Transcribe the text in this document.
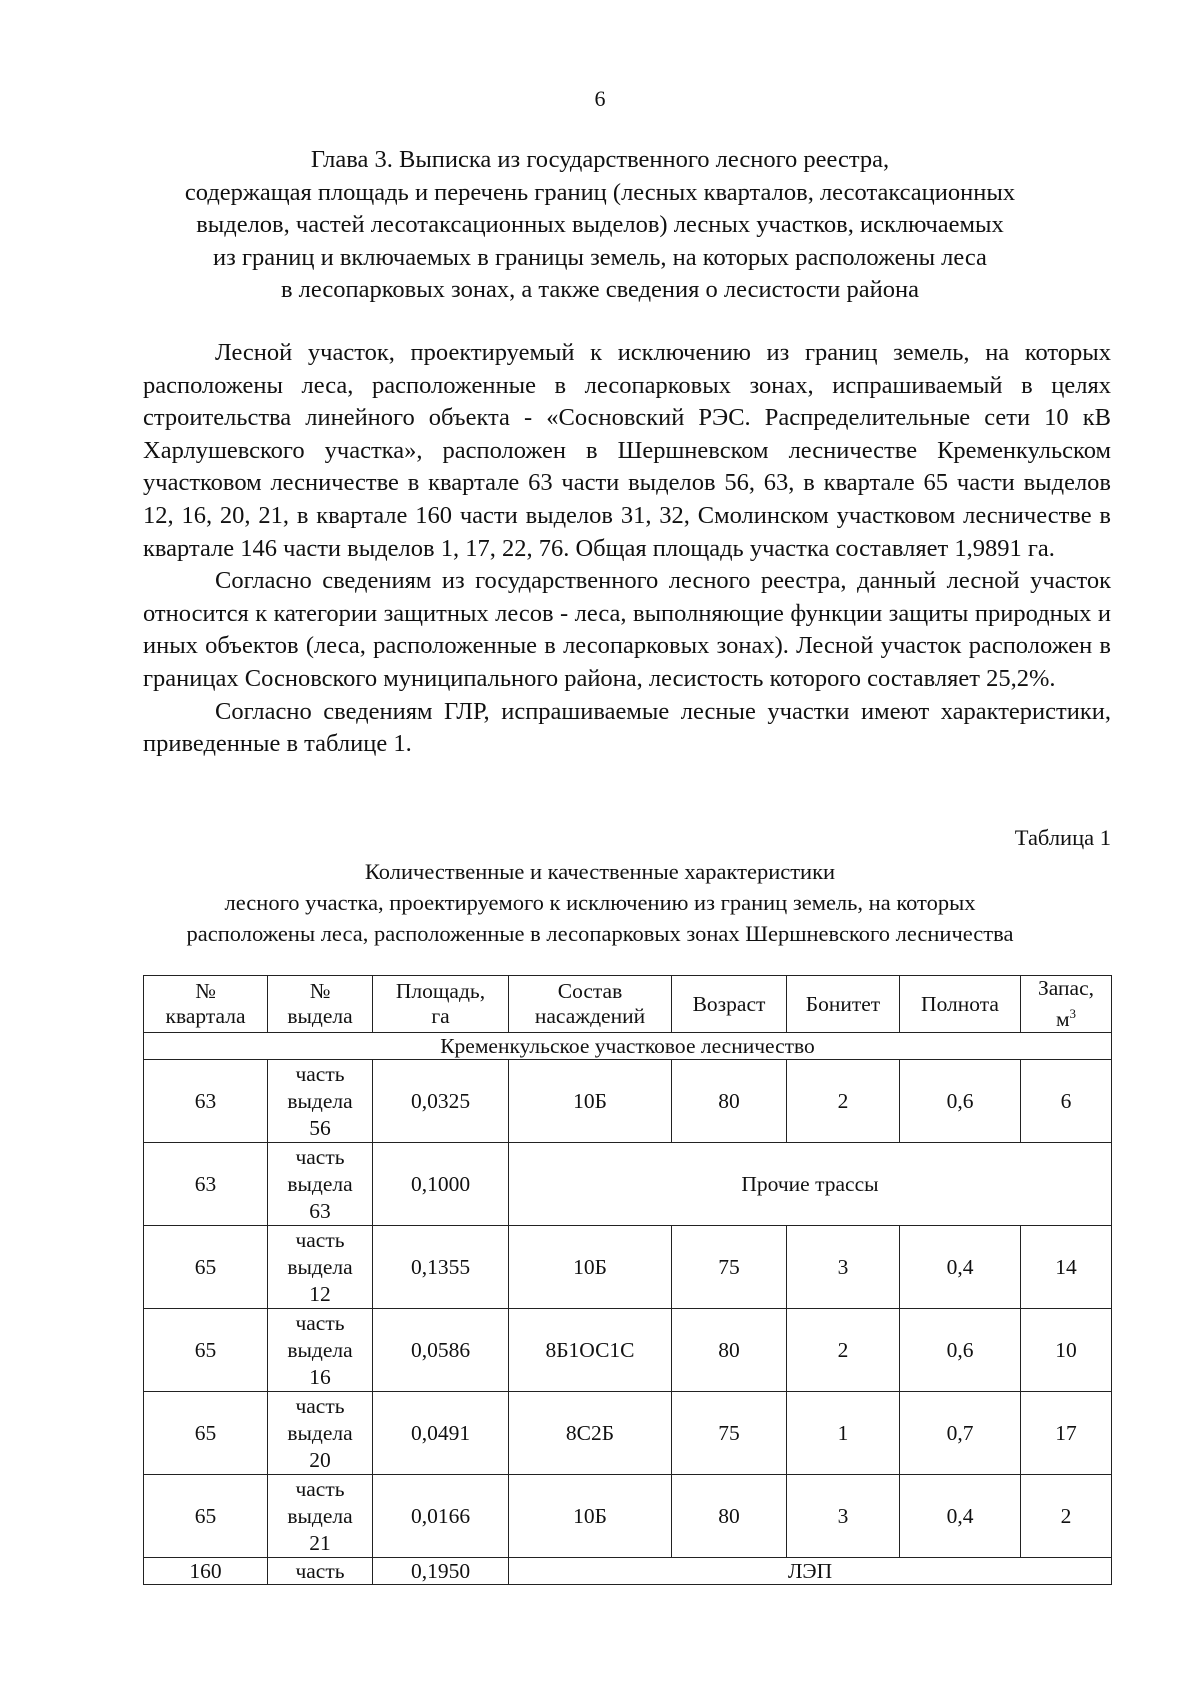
6
Глава 3. Выписка из государственного лесного реестра,
содержащая площадь и перечень границ (лесных кварталов, лесотаксационных
выделов, частей лесотаксационных выделов) лесных участков, исключаемых
из границ и включаемых в границы земель, на которых расположены леса
в лесопарковых зонах, а также сведения о лесистости района

Лесной участок, проектируемый к исключению из границ земель, на которых расположены леса, расположенные в лесопарковых зонах, испрашиваемый в целях строительства линейного объекта - «Сосновский РЭС. Распределительные сети 10 кВ Харлушевского участка», расположен в Шершневском лесничестве Кременкульском участковом лесничестве в квартале 63 части выделов 56, 63, в квартале 65 части выделов 12, 16, 20, 21, в квартале 160 части выделов 31, 32, Смолинском участковом лесничестве в квартале 146 части выделов 1, 17, 22, 76. Общая площадь участка составляет 1,9891 га.

Согласно сведениям из государственного лесного реестра, данный лесной участок относится к категории защитных лесов - леса, выполняющие функции защиты природных и иных объектов (леса, расположенные в лесопарковых зонах). Лесной участок расположен в границах Сосновского муниципального района, лесистость которого составляет 25,2%.

Согласно сведениям ГЛР, испрашиваемые лесные участки имеют характеристики, приведенные в таблице 1.

Таблица 1
Количественные и качественные характеристики
лесного участка, проектируемого к исключению из границ земель, на которых
расположены леса, расположенные в лесопарковых зонах Шершневского лесничества
№
квартала	№
выдела	Площадь,
га	Состав
насаждений	Возраст	Бонитет	Полнота	Запас,
$м^3$
Кременкульское участковое лесничество							
63	часть
выдела
56	0,0325	10Б	80	2	0,6	6
63	часть
выдела
63	0,1000	Прочие трассы				
65	часть
выдела
12	0,1355	10Б	75	3	0,4	14
65	часть
выдела
16	0,0586	8Б1ОС1С	80	2	0,6	10
65	часть
выдела
20	0,0491	8С2Б	75	1	0,7	17
65	часть
выдела
21	0,0166	10Б	80	3	0,4	2
160	часть	0,1950	ЛЭП				
